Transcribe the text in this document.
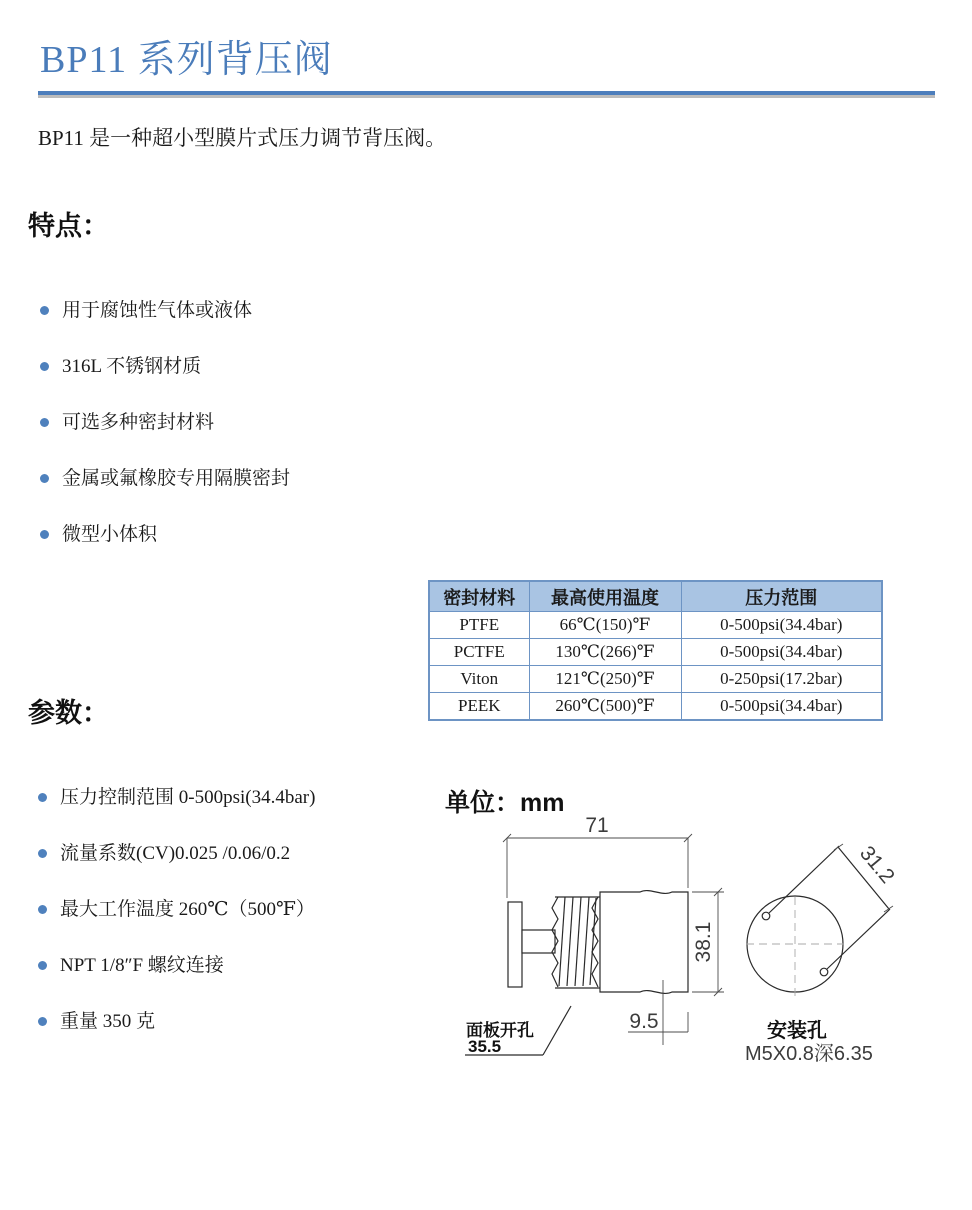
BP11 系列背压阀
BP11 是一种超小型膜片式压力调节背压阀。
特点：
用于腐蚀性气体或液体
316L 不锈钢材质
可选多种密封材料
金属或氟橡胶专用隔膜密封
微型小体积
密封材料	最高使用温度	压力范围
PTFE	66℃(150)℉	0-500psi(34.4bar)
PCTFE	130℃(266)℉	0-500psi(34.4bar)
Viton	121℃(250)℉	0-250psi(17.2bar)
PEEK	260℃(500)℉	0-500psi(34.4bar)
参数：
压力控制范围 0-500psi(34.4bar)
流量系数(CV)0.025 /0.06/0.2
最大工作温度 260℃（500℉）
NPT 1/8″F 螺纹连接
重量 350 克
单位：mm
71
38.1
9.5
面板开孔
35.5
31.2
安装孔
M5X0.8深6.35
